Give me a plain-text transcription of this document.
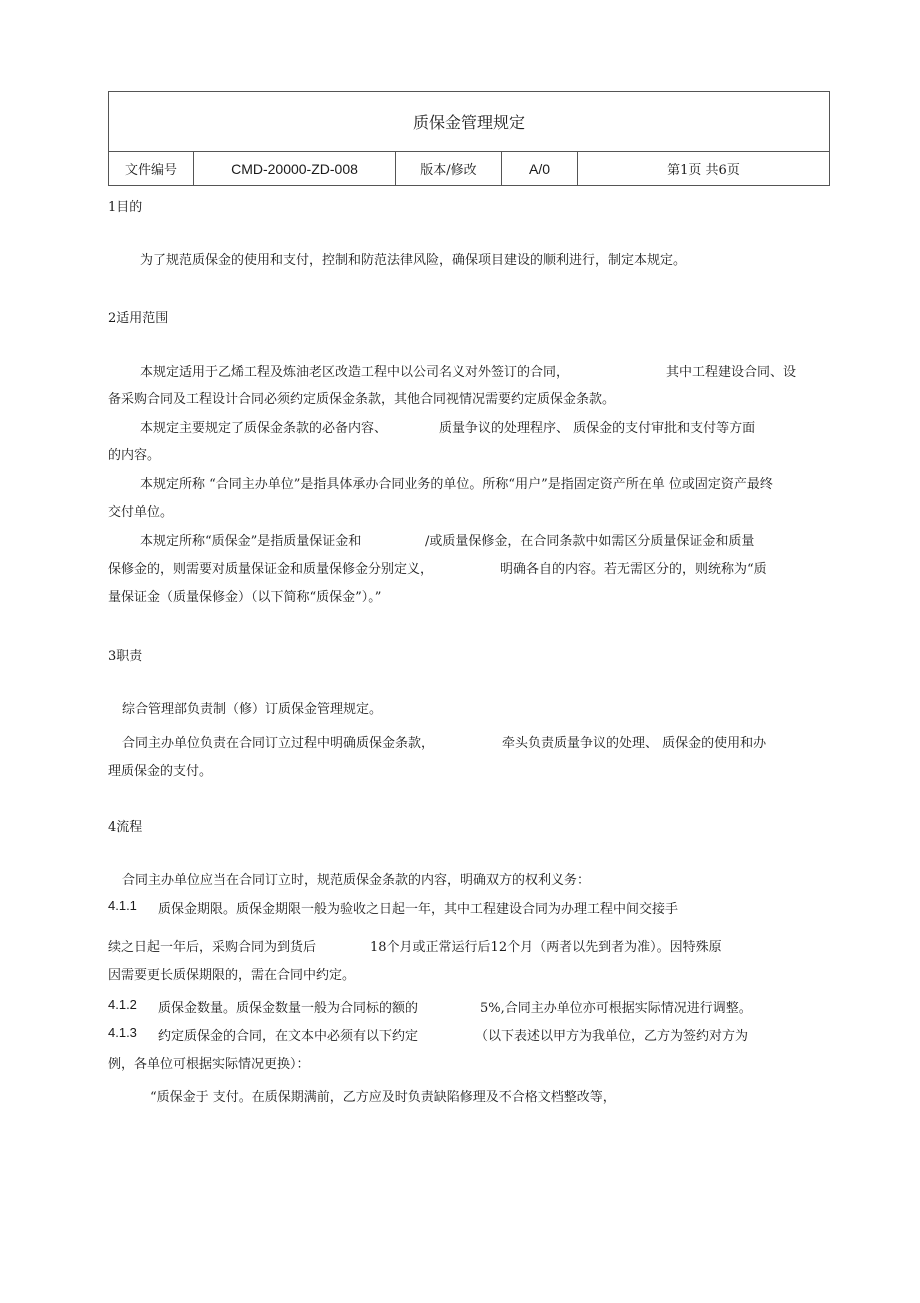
质保金管理规定
文件编号	CMD-20000-ZD-008	版本/修改	A/0	第1页 共6页
1目的
为了规范质保金的使用和支付，控制和防范法律风险，确保项目建设的顺利进行，制定本规定。
2适用范围
本规定适用于乙烯工程及炼油老区改造工程中以公司名义对外签订的合同，	其中工程建设合同、设
备采购合同及工程设计合同必须约定质保金条款，其他合同视情况需要约定质保金条款。
本规定主要规定了质保金条款的必备内容、	质量争议的处理程序、 质保金的支付审批和支付等方面
的内容。
本规定所称 “合同主办单位”是指具体承办合同业务的单位。所称“用户”是指固定资产所在单 位或固定资产最终
交付单位。
本规定所称“质保金”是指质量保证金和	/或质量保修金，在合同条款中如需区分质量保证金和质量
保修金的，则需要对质量保证金和质量保修金分别定义，	明确各自的内容。若无需区分的，则统称为“质
量保证金（质量保修金）（以下简称“质保金”）。”
3职责
综合管理部负责制（修）订质保金管理规定。
合同主办单位负责在合同订立过程中明确质保金条款，	牵头负责质量争议的处理、 质保金的使用和办
理质保金的支付。
4流程
合同主办单位应当在合同订立时，规范质保金条款的内容，明确双方的权利义务：
4.1.1 质保金期限。质保金期限一般为验收之日起一年，其中工程建设合同为办理工程中间交接手
续之日起一年后，采购合同为到货后	18个月或正常运行后12个月（两者以先到者为准）。因特殊原
因需要更长质保期限的，需在合同中约定。
4.1.2 质保金数量。质保金数量一般为合同标的额的	5%,合同主办单位亦可根据实际情况进行调整。
4.1.3 约定质保金的合同，在文本中必须有以下约定	（以下表述以甲方为我单位，乙方为签约对方为
例，各单位可根据实际情况更换）：
“质保金于 支付。在质保期满前，乙方应及时负责缺陷修理及不合格文档整改等，
